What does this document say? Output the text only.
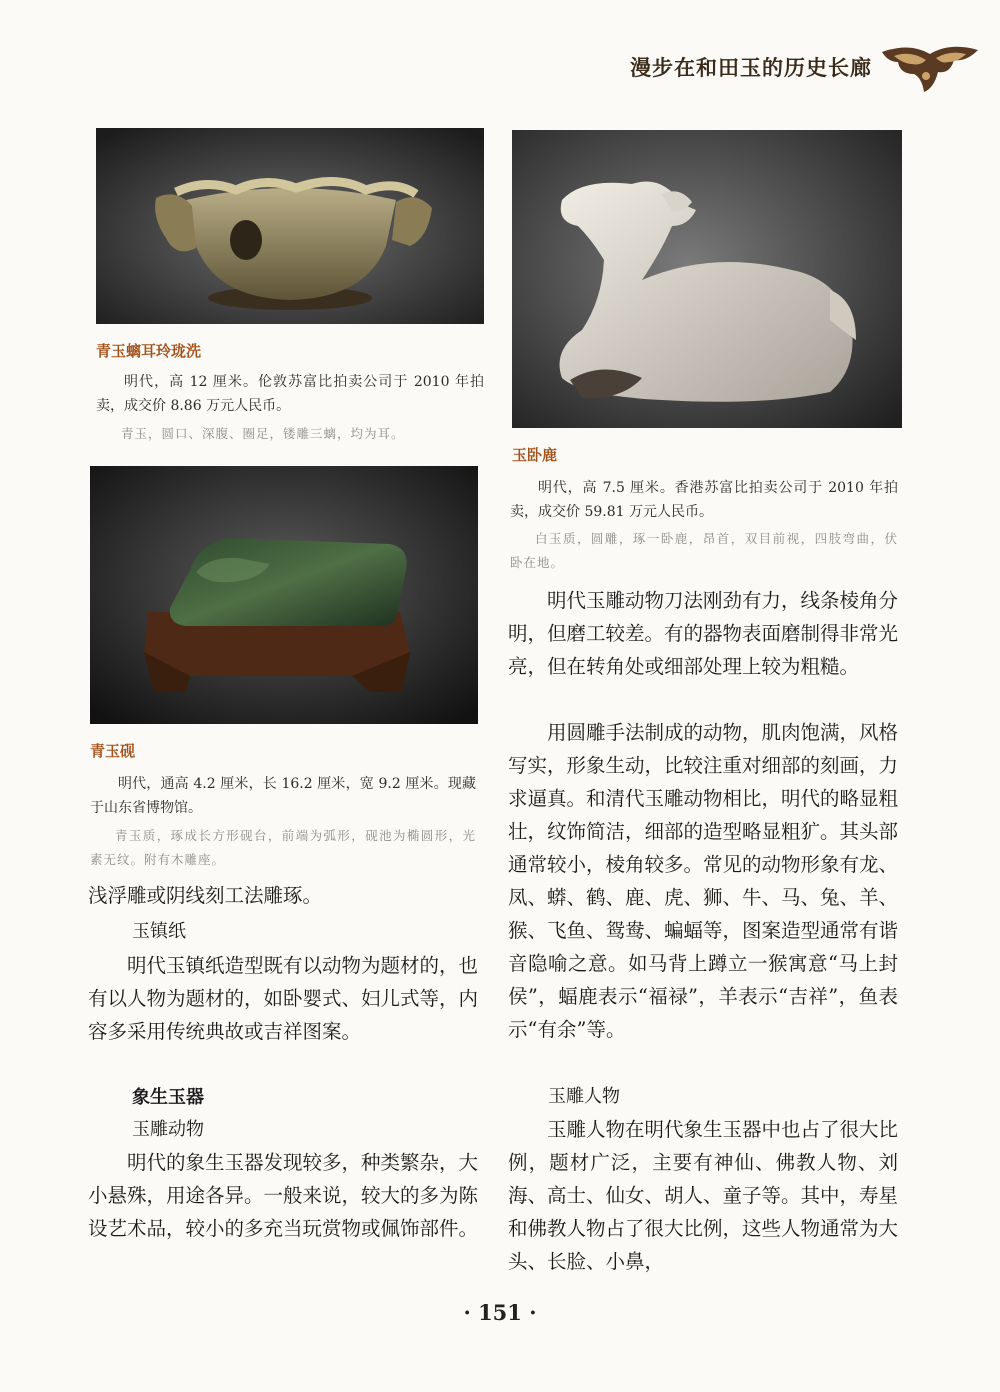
漫步在和田玉的历史长廊
青玉螭耳玲珑洗

明代，高 12 厘米。伦敦苏富比拍卖公司于 2010 年拍卖，成交价 8.86 万元人民币。

青玉，圆口、深腹、圈足，镂雕三螭，均为耳。

玉卧鹿

明代，高 7.5 厘米。香港苏富比拍卖公司于 2010 年拍卖，成交价 59.81 万元人民币。

白玉质，圆雕，琢一卧鹿，昂首，双目前视，四肢弯曲，伏卧在地。

青玉砚

明代，通高 4.2 厘米，长 16.2 厘米，宽 9.2 厘米。现藏于山东省博物馆。

青玉质，琢成长方形砚台，前端为弧形，砚池为椭圆形，光素无纹。附有木雕座。

浅浮雕或阴线刻工法雕琢。

玉镇纸

明代玉镇纸造型既有以动物为题材的，也有以人物为题材的，如卧婴式、妇儿式等，内容多采用传统典故或吉祥图案。

象生玉器
玉雕动物

明代的象生玉器发现较多，种类繁杂，大小悬殊，用途各异。一般来说，较大的多为陈设艺术品，较小的多充当玩赏物或佩饰部件。

明代玉雕动物刀法刚劲有力，线条棱角分明，但磨工较差。有的器物表面磨制得非常光亮，但在转角处或细部处理上较为粗糙。

用圆雕手法制成的动物，肌肉饱满，风格写实，形象生动，比较注重对细部的刻画，力求逼真。和清代玉雕动物相比，明代的略显粗壮，纹饰简洁，细部的造型略显粗犷。其头部通常较小，棱角较多。常见的动物形象有龙、凤、蟒、鹤、鹿、虎、狮、牛、马、兔、羊、猴、飞鱼、鸳鸯、蝙蝠等，图案造型通常有谐音隐喻之意。如马背上蹲立一猴寓意“马上封侯”，蝠鹿表示“福禄”，羊表示“吉祥”，鱼表示“有余”等。

玉雕人物

玉雕人物在明代象生玉器中也占了很大比例，题材广泛，主要有神仙、佛教人物、刘海、高士、仙女、胡人、童子等。其中，寿星和佛教人物占了很大比例，这些人物通常为大头、长脸、小鼻，

· 151 ·
